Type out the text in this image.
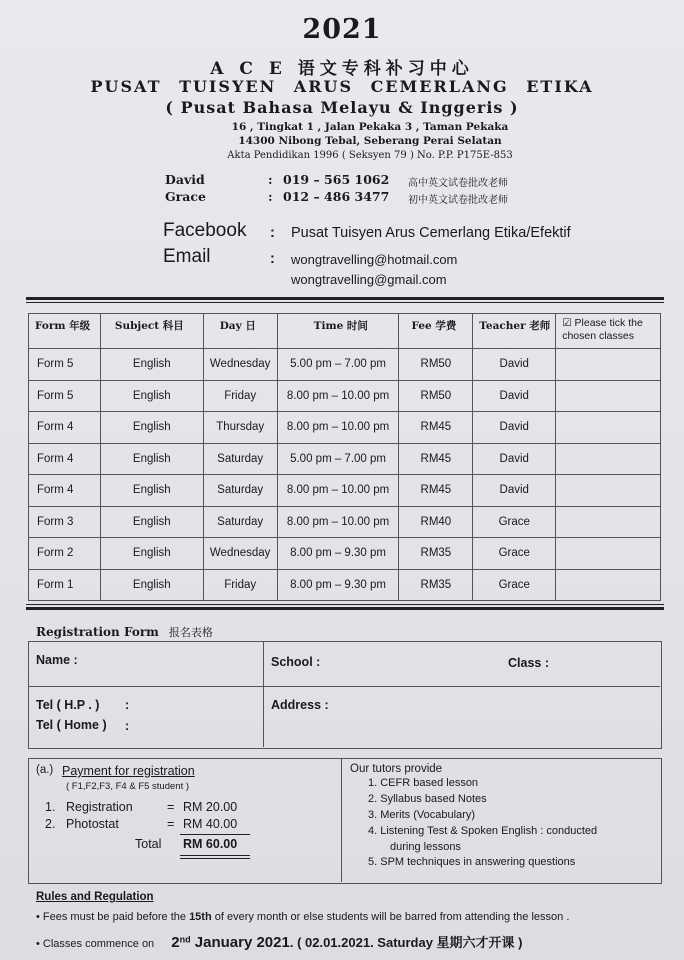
2021
A C E 语文专科补习中心
PUSAT TUISYEN ARUS CEMERLANG ETIKA
( Pusat Bahasa Melayu & Inggeris )
16 , Tingkat 1 , Jalan Pekaka 3 , Taman Pekaka
14300 Nibong Tebal, Seberang Perai Selatan
Akta Pendidikan 1996 ( Seksyen 79 ) No. P.P. P175E-853
David	: 019 – 565 1062 高中英文试卷批改老师
Grace	: 012 – 486 3477 初中英文试卷批改老师
Facebook : Pusat Tuisyen Arus Cemerlang Etika/Efektif
Email	: wongtravelling@hotmail.com
wongtravelling@gmail.com
Form 年级	Subject 科目	Day 日	Time 时间	Fee 学费	Teacher 老师	☑ Please tick the chosen classes
Form 5	English	Wednesday	5.00 pm – 7.00 pm	RM50	David	
Form 5	English	Friday	8.00 pm – 10.00 pm	RM50	David	
Form 4	English	Thursday	8.00 pm – 10.00 pm	RM45	David	
Form 4	English	Saturday	5.00 pm – 7.00 pm	RM45	David	
Form 4	English	Saturday	8.00 pm – 10.00 pm	RM45	David	
Form 3	English	Saturday	8.00 pm – 10.00 pm	RM40	Grace	
Form 2	English	Wednesday	8.00 pm – 9.30 pm	RM35	Grace	
Form 1	English	Friday	8.00 pm – 9.30 pm	RM35	Grace	
Registration Form 报名表格
Name :	School :	Class :
Tel ( H.P . ) :
Tel ( Home ) :
Address :
(a.) Payment for registration
( F1,F2,F3, F4 & F5 student )
1. Registration	= RM 20.00
2. Photostat	= RM 40.00
Total RM 60.00
Our tutors provide
1. CEFR based lesson
2. Syllabus based Notes
3. Merits (Vocabulary)
4. Listening Test & Spoken English : conducted
5. SPM techniques in answering questions
during lessons
Rules and Regulation
• Fees must be paid before the 15th of every month or else students will be barred from attending the lesson .
• Classes commence on 2nd January 2021. ( 02.01.2021. Saturday 星期六才开课 )
